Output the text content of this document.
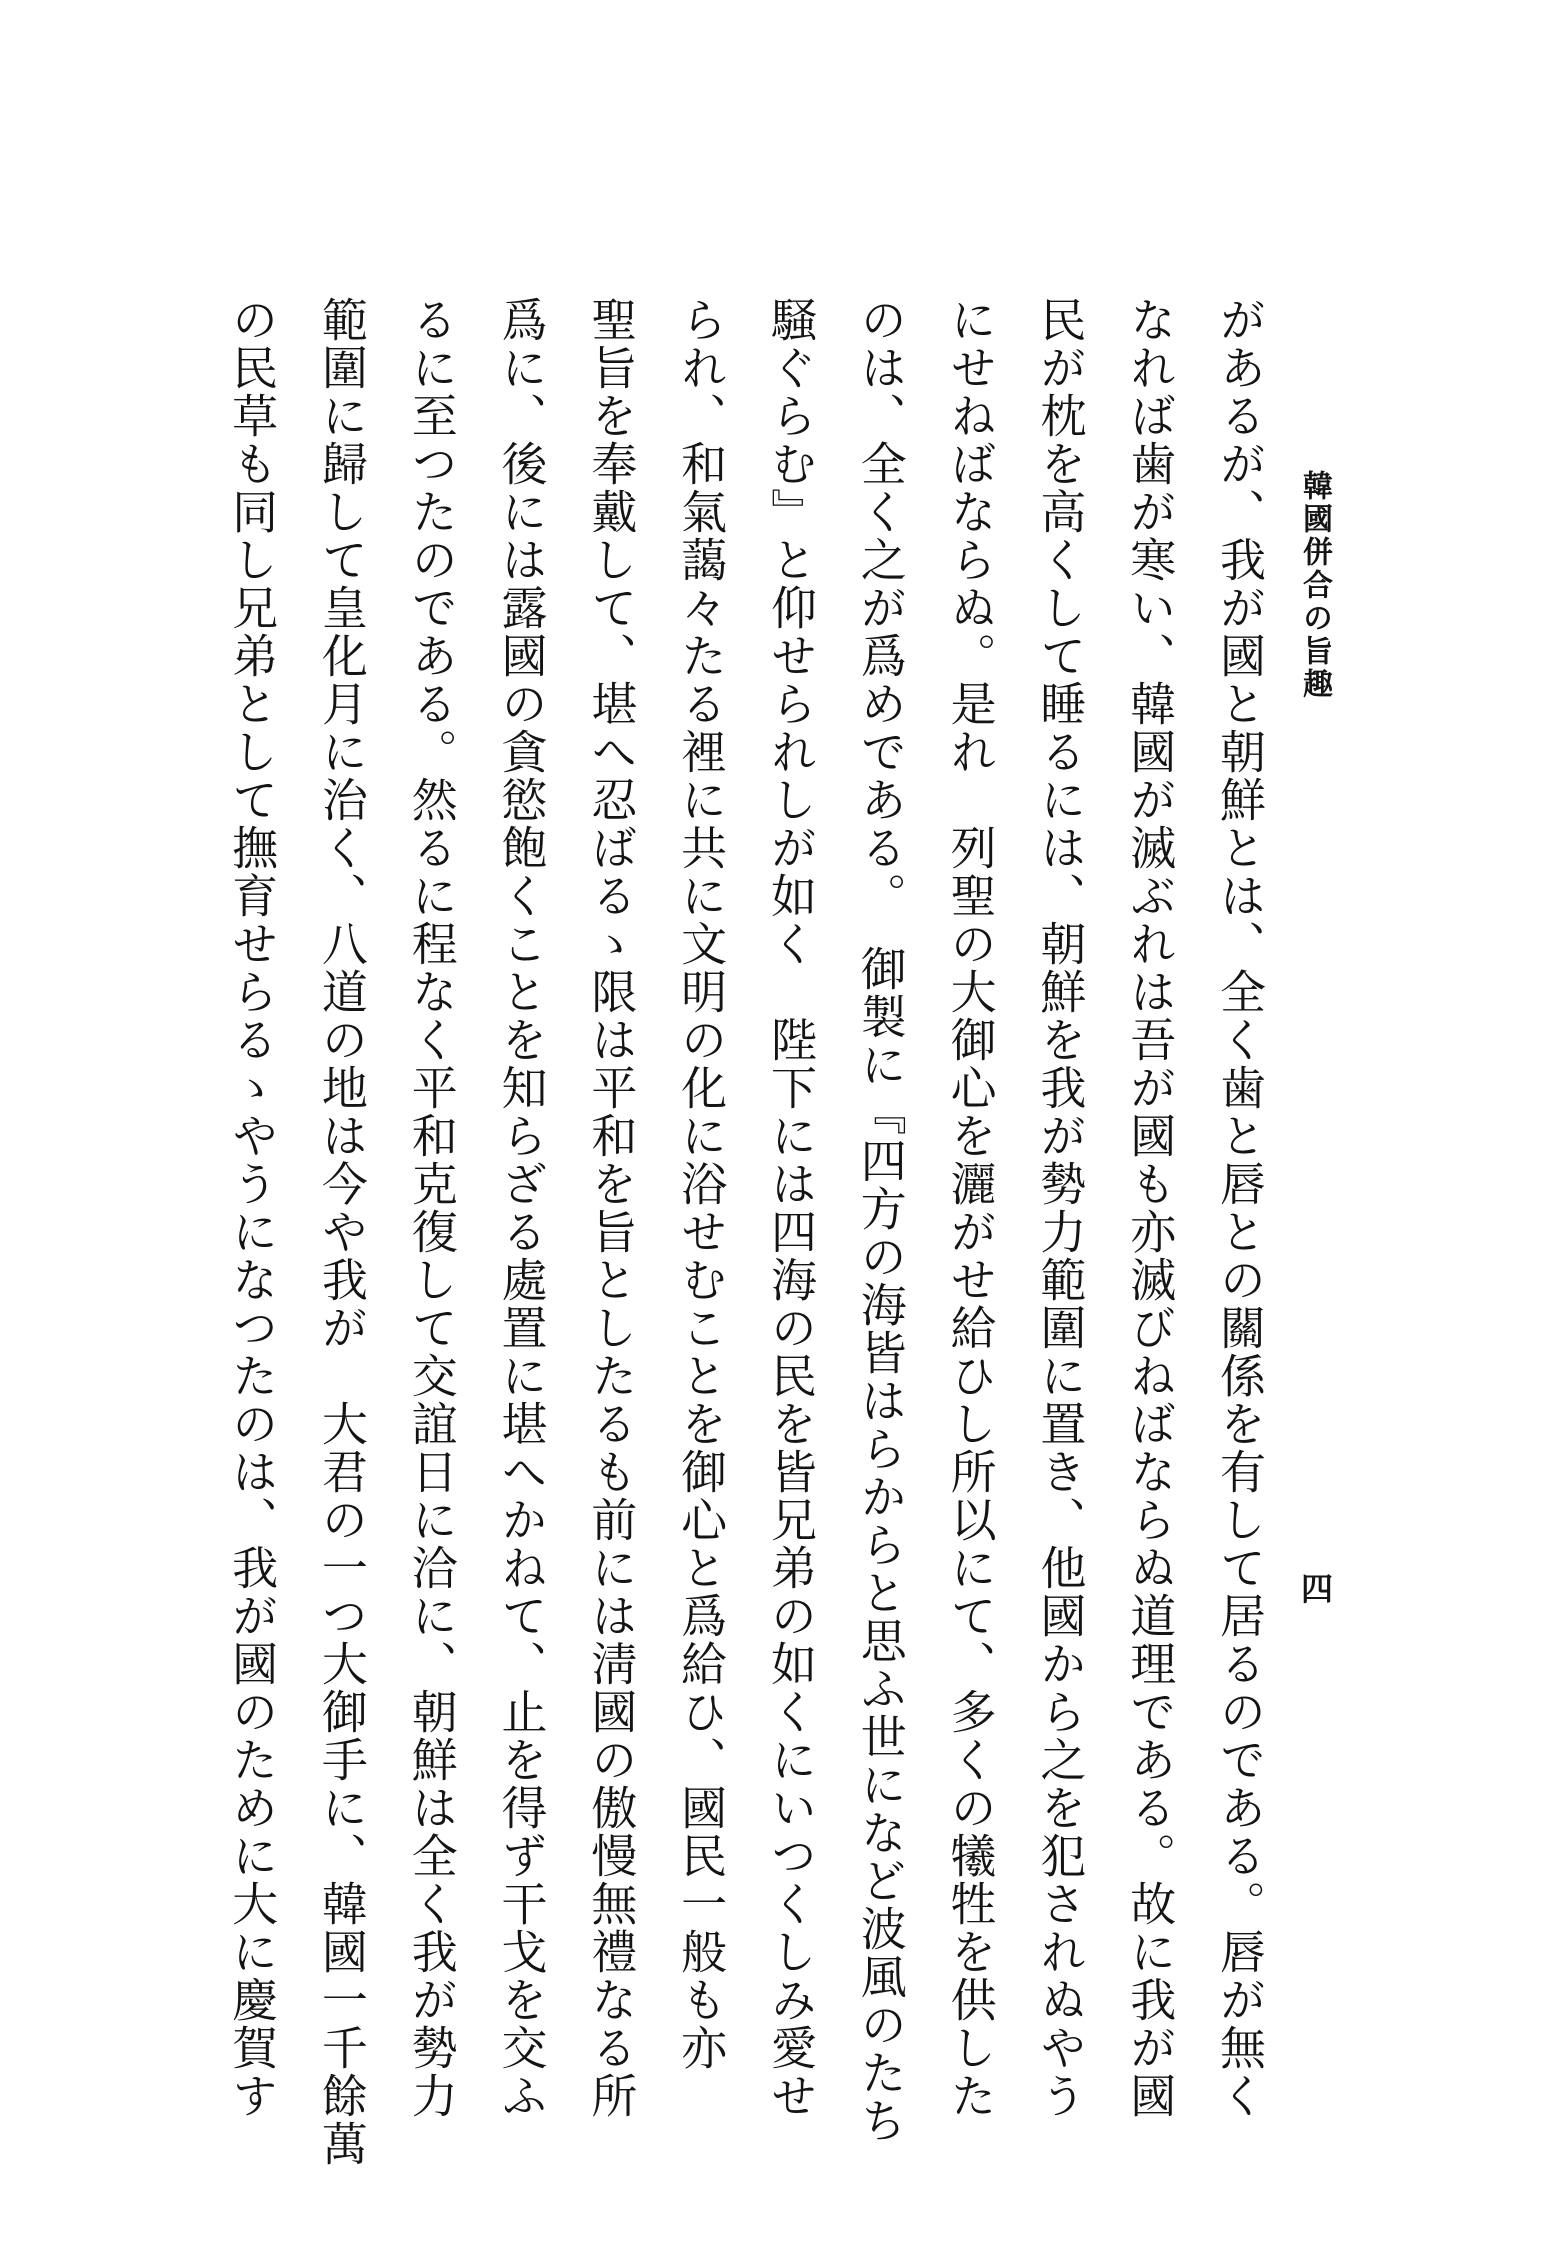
韓國併合の旨趣
四
があるが、我が國と朝鮮とは、全く歯と唇との關係を有して居るのである。唇が無く
なれば歯が寒い、韓國が滅ぶれは吾が國も亦滅びねばならぬ道理である。故に我が國
民が枕を高くして睡るには、朝鮮を我が勢力範圍に置き、他國から之を犯されぬやう
にせねばならぬ。是れ　列聖の大御心を灑がせ給ひし所以にて、多くの犧牲を供した
のは、全く之が爲めである。　御製に『四方の海皆はらからと思ふ世になど波風のたち
騒ぐらむ』と仰せられしが如く　陛下には四海の民を皆兄弟の如くにいつくしみ愛せ
られ、和氣藹々たる裡に共に文明の化に浴せむことを御心と爲給ひ、國民一般も亦
聖旨を奉戴して、堪へ忍ばるゝ限は平和を旨としたるも前には淸國の傲慢無禮なる所
爲に、後には露國の貪慾飽くことを知らざる處置に堪へかねて、止を得ず干戈を交ふ
るに至つたのである。然るに程なく平和克復して交誼日に洽に、朝鮮は全く我が勢力
範圍に歸して皇化月に治く、八道の地は今や我が　大君の一つ大御手に、韓國一千餘萬
の民草も同し兄弟として撫育せらるゝやうになつたのは、我が國のために大に慶賀す
